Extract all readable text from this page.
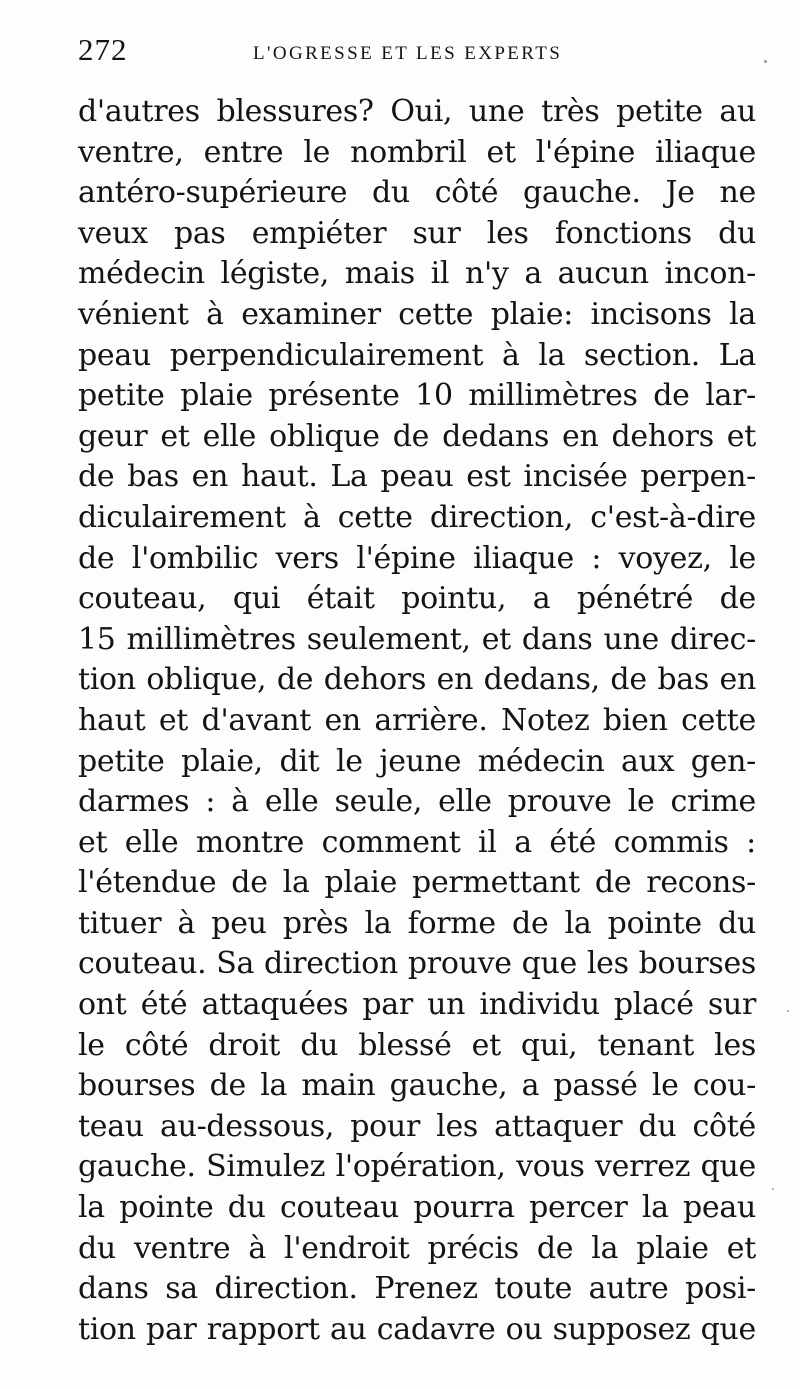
272	L'OGRESSE ET LES EXPERTS
d'autres blessures? Oui, une très petite au
ventre, entre le nombril et l'épine iliaque
antéro-supérieure du côté gauche. Je ne
veux pas empiéter sur les fonctions du
médecin légiste, mais il n'y a aucun incon-
vénient à examiner cette plaie: incisons la
peau perpendiculairement à la section. La
petite plaie présente 10 millimètres de lar-
geur et elle oblique de dedans en dehors et
de bas en haut. La peau est incisée perpen-
diculairement à cette direction, c'est-à-dire
de l'ombilic vers l'épine iliaque : voyez, le
couteau, qui était pointu, a pénétré de
15 millimètres seulement, et dans une direc-
tion oblique, de dehors en dedans, de bas en
haut et d'avant en arrière. Notez bien cette
petite plaie, dit le jeune médecin aux gen-
darmes : à elle seule, elle prouve le crime
et elle montre comment il a été commis :
l'étendue de la plaie permettant de recons-
tituer à peu près la forme de la pointe du
couteau. Sa direction prouve que les bourses
ont été attaquées par un individu placé sur
le côté droit du blessé et qui, tenant les
bourses de la main gauche, a passé le cou-
teau au-dessous, pour les attaquer du côté
gauche. Simulez l'opération, vous verrez que
la pointe du couteau pourra percer la peau
du ventre à l'endroit précis de la plaie et
dans sa direction. Prenez toute autre posi-
tion par rapport au cadavre ou supposez que
